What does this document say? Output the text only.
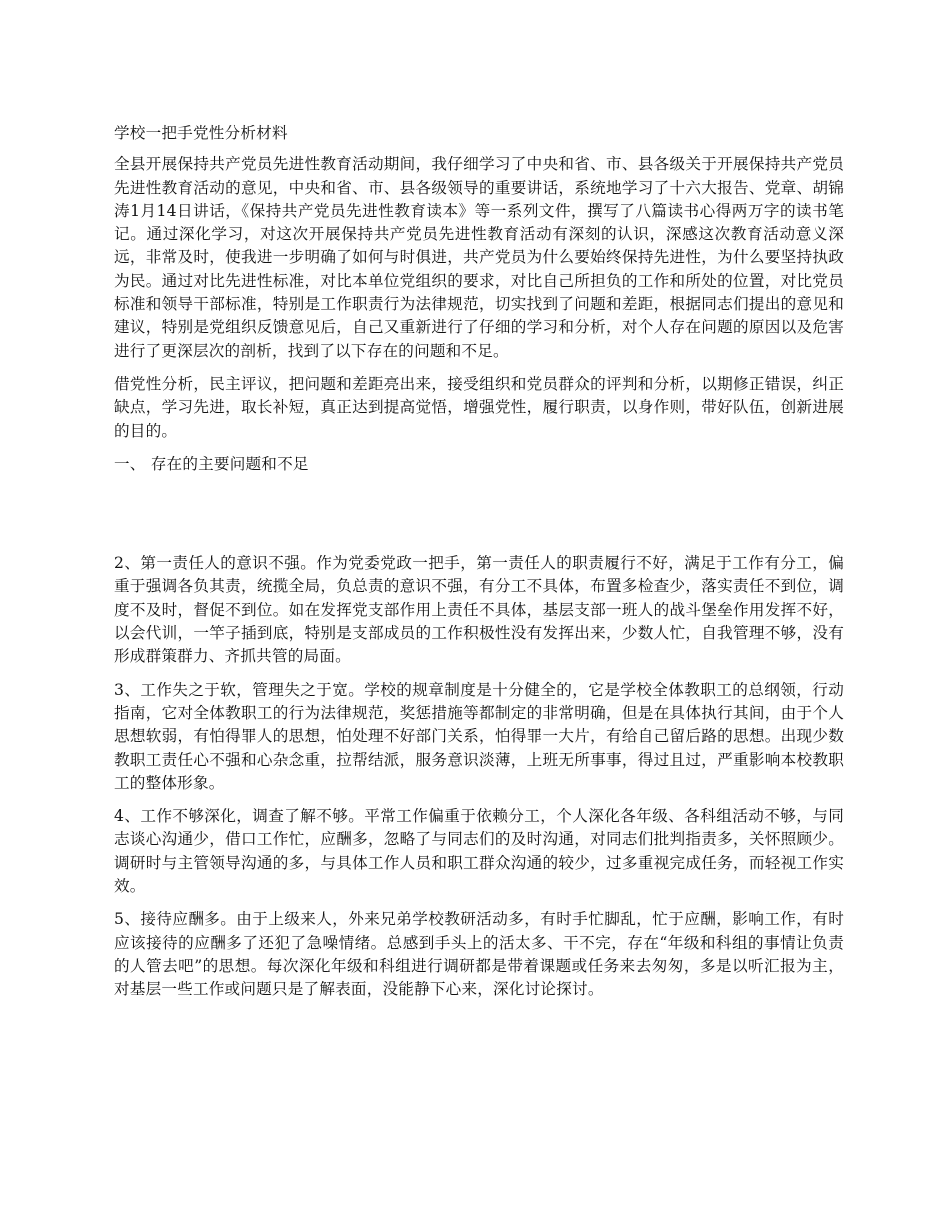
学校一把手党性分析材料

全县开展保持共产党员先进性教育活动期间，我仔细学习了中央和省、市、县各级关于开展保持共产党员先进性教育活动的意见，中央和省、市、县各级领导的重要讲话，系统地学习了十六大报告、党章、胡锦涛1月14日讲话，《保持共产党员先进性教育读本》等一系列文件，撰写了八篇读书心得两万字的读书笔记。通过深化学习，对这次开展保持共产党员先进性教育活动有深刻的认识，深感这次教育活动意义深远，非常及时，使我进一步明确了如何与时俱进，共产党员为什么要始终保持先进性，为什么要坚持执政为民。通过对比先进性标准，对比本单位党组织的要求，对比自己所担负的工作和所处的位置，对比党员标准和领导干部标准，特别是工作职责行为法律规范，切实找到了问题和差距，根据同志们提出的意见和建议，特别是党组织反馈意见后，自己又重新进行了仔细的学习和分析，对个人存在问题的原因以及危害进行了更深层次的剖析，找到了以下存在的问题和不足。

借党性分析，民主评议，把问题和差距亮出来，接受组织和党员群众的评判和分析，以期修正错误，纠正缺点，学习先进，取长补短，真正达到提高觉悟，增强党性，履行职责，以身作则，带好队伍，创新进展的目的。

一、 存在的主要问题和不足

2、第一责任人的意识不强。作为党委党政一把手，第一责任人的职责履行不好，满足于工作有分工，偏重于强调各负其责，统揽全局，负总责的意识不强，有分工不具体，布置多检查少，落实责任不到位，调度不及时，督促不到位。如在发挥党支部作用上责任不具体，基层支部一班人的战斗堡垒作用发挥不好，以会代训，一竿子插到底，特别是支部成员的工作积极性没有发挥出来，少数人忙，自我管理不够，没有形成群策群力、齐抓共管的局面。

3、工作失之于软，管理失之于宽。学校的规章制度是十分健全的，它是学校全体教职工的总纲领，行动指南，它对全体教职工的行为法律规范，奖惩措施等都制定的非常明确，但是在具体执行其间，由于个人思想软弱，有怕得罪人的思想，怕处理不好部门关系，怕得罪一大片，有给自己留后路的思想。出现少数教职工责任心不强和心杂念重，拉帮结派，服务意识淡薄，上班无所事事，得过且过，严重影响本校教职工的整体形象。

4、工作不够深化，调查了解不够。平常工作偏重于依赖分工，个人深化各年级、各科组活动不够，与同志谈心沟通少，借口工作忙，应酬多，忽略了与同志们的及时沟通，对同志们批判指责多，关怀照顾少。调研时与主管领导沟通的多，与具体工作人员和职工群众沟通的较少，过多重视完成任务，而轻视工作实效。

5、接待应酬多。由于上级来人，外来兄弟学校教研活动多，有时手忙脚乱，忙于应酬，影响工作，有时应该接待的应酬多了还犯了急噪情绪。总感到手头上的活太多、干不完，存在“年级和科组的事情让负责的人管去吧”的思想。每次深化年级和科组进行调研都是带着课题或任务来去匆匆，多是以听汇报为主，对基层一些工作或问题只是了解表面，没能静下心来，深化讨论探讨。
